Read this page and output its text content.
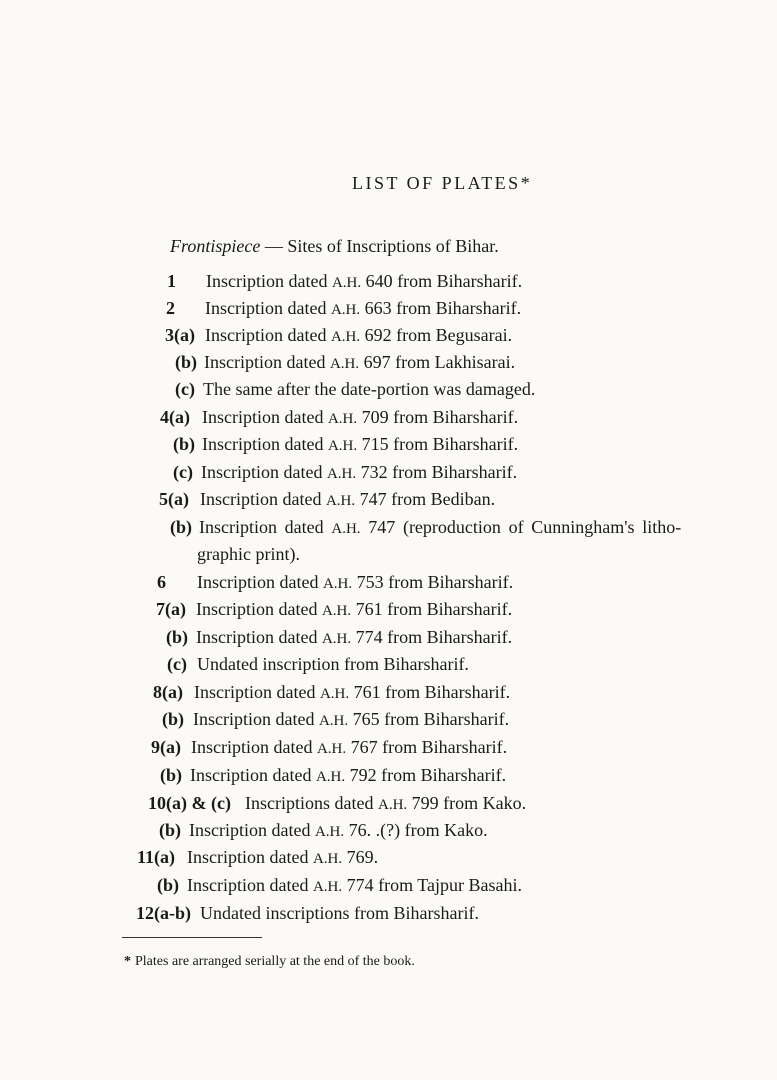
LIST OF PLATES*
Frontispiece — Sites of Inscriptions of Bihar.
1 Inscription dated A.H. 640 from Biharsharif.
2 Inscription dated A.H. 663 from Biharsharif.
3(a) Inscription dated A.H. 692 from Begusarai.
(b) Inscription dated A.H. 697 from Lakhisarai.
(c) The same after the date-portion was damaged.
4(a) Inscription dated A.H. 709 from Biharsharif.
(b) Inscription dated A.H. 715 from Biharsharif.
(c) Inscription dated A.H. 732 from Biharsharif.
5(a) Inscription dated A.H. 747 from Bediban.
(b) Inscription dated A.H. 747 (reproduction of Cunningham's litho-
graphic print).
6 Inscription dated A.H. 753 from Biharsharif.
7(a) Inscription dated A.H. 761 from Biharsharif.
(b) Inscription dated A.H. 774 from Biharsharif.
(c) Undated inscription from Biharsharif.
8(a) Inscription dated A.H. 761 from Biharsharif.
(b) Inscription dated A.H. 765 from Biharsharif.
9(a) Inscription dated A.H. 767 from Biharsharif.
(b) Inscription dated A.H. 792 from Biharsharif.
10(a) & (c) Inscriptions dated A.H. 799 from Kako.
(b) Inscription dated A.H. 76. .(?) from Kako.
11(a) Inscription dated A.H. 769.
(b) Inscription dated A.H. 774 from Tajpur Basahi.
12(a-b) Undated inscriptions from Biharsharif.
* Plates are arranged serially at the end of the book.
